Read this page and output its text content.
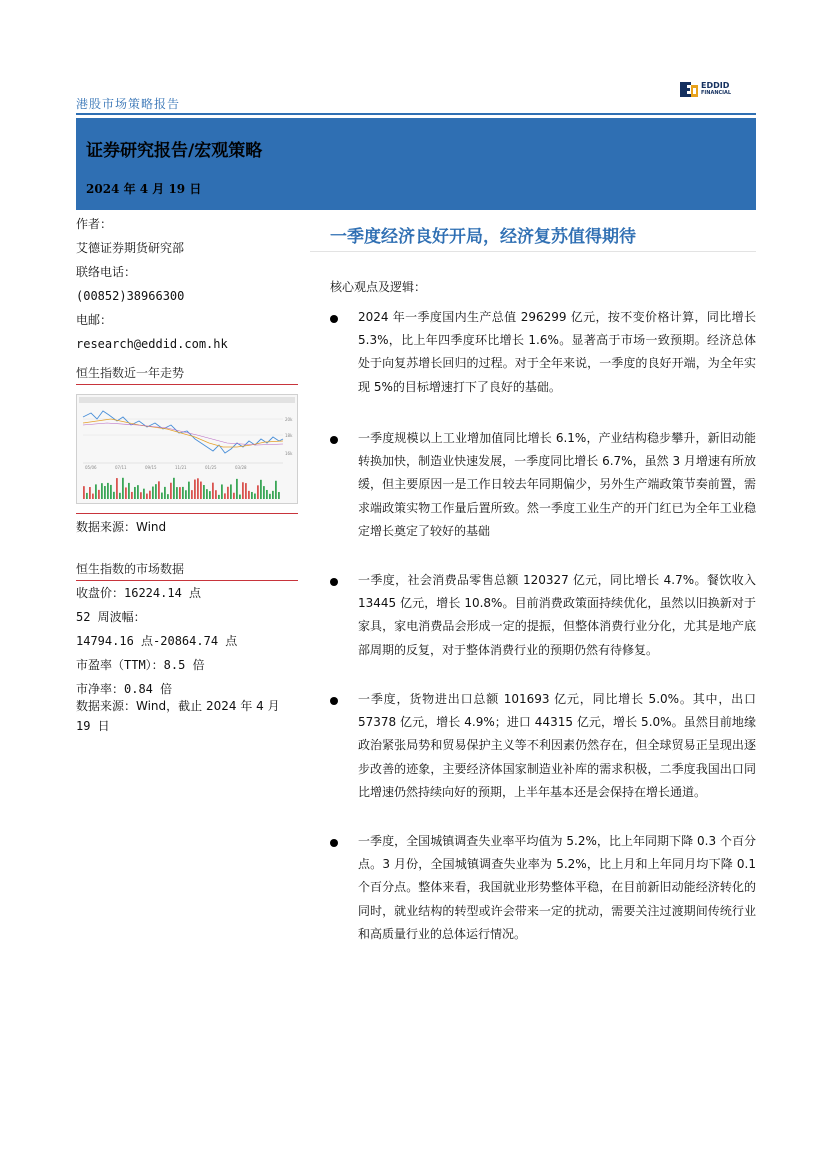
港股市场策略报告
EDDID
FINANCIAL
证券研究报告/宏观策略
2024 年 4 月 19 日
作者：
艾德证券期货研究部
联络电话：
(00852)38966300
电邮：
research@eddid.com.hk
恒生指数近一年走势
05/06	07/11	09/15	11/21	01/25	03/28
20k
18k
16k
数据来源：Wind
恒生指数的市场数据
收盘价：16224.14 点
52 周波幅：
14794.16 点-20864.74 点
市盈率（TTM）：8.5 倍
市净率：0.84 倍
数据来源：Wind，截止 2024 年 4 月
19 日
一季度经济良好开局，经济复苏值得期待
核心观点及逻辑：
2024 年一季度国内生产总值 296299 亿元，按不变价格计算，同比增长 5.3%，比上年四季度环比增长 1.6%。显著高于市场一致预期。经济总体处于向复苏增长回归的过程。对于全年来说，一季度的良好开端，为全年实现 5%的目标增速打下了良好的基础。
一季度规模以上工业增加值同比增长 6.1%，产业结构稳步攀升，新旧动能转换加快，制造业快速发展，一季度同比增长 6.7%，虽然 3 月增速有所放缓，但主要原因一是工作日较去年同期偏少，另外生产端政策节奏前置，需求端政策实物工作量后置所致。然一季度工业生产的开门红已为全年工业稳定增长奠定了较好的基础
一季度，社会消费品零售总额 120327 亿元，同比增长 4.7%。餐饮收入 13445 亿元，增长 10.8%。目前消费政策面持续优化，虽然以旧换新对于家具，家电消费品会形成一定的提振，但整体消费行业分化，尤其是地产底部周期的反复，对于整体消费行业的预期仍然有待修复。
一季度，货物进出口总额 101693 亿元，同比增长 5.0%。其中，出口 57378 亿元，增长 4.9%；进口 44315 亿元，增长 5.0%。虽然目前地缘政治紧张局势和贸易保护主义等不利因素仍然存在，但全球贸易正呈现出逐步改善的迹象，主要经济体国家制造业补库的需求积极，二季度我国出口同比增速仍然持续向好的预期，上半年基本还是会保持在增长通道。
一季度，全国城镇调查失业率平均值为 5.2%，比上年同期下降 0.3 个百分点。3 月份，全国城镇调查失业率为 5.2%，比上月和上年同月均下降 0.1 个百分点。整体来看，我国就业形势整体平稳，在目前新旧动能经济转化的同时，就业结构的转型或许会带来一定的扰动，需要关注过渡期间传统行业和高质量行业的总体运行情况。
